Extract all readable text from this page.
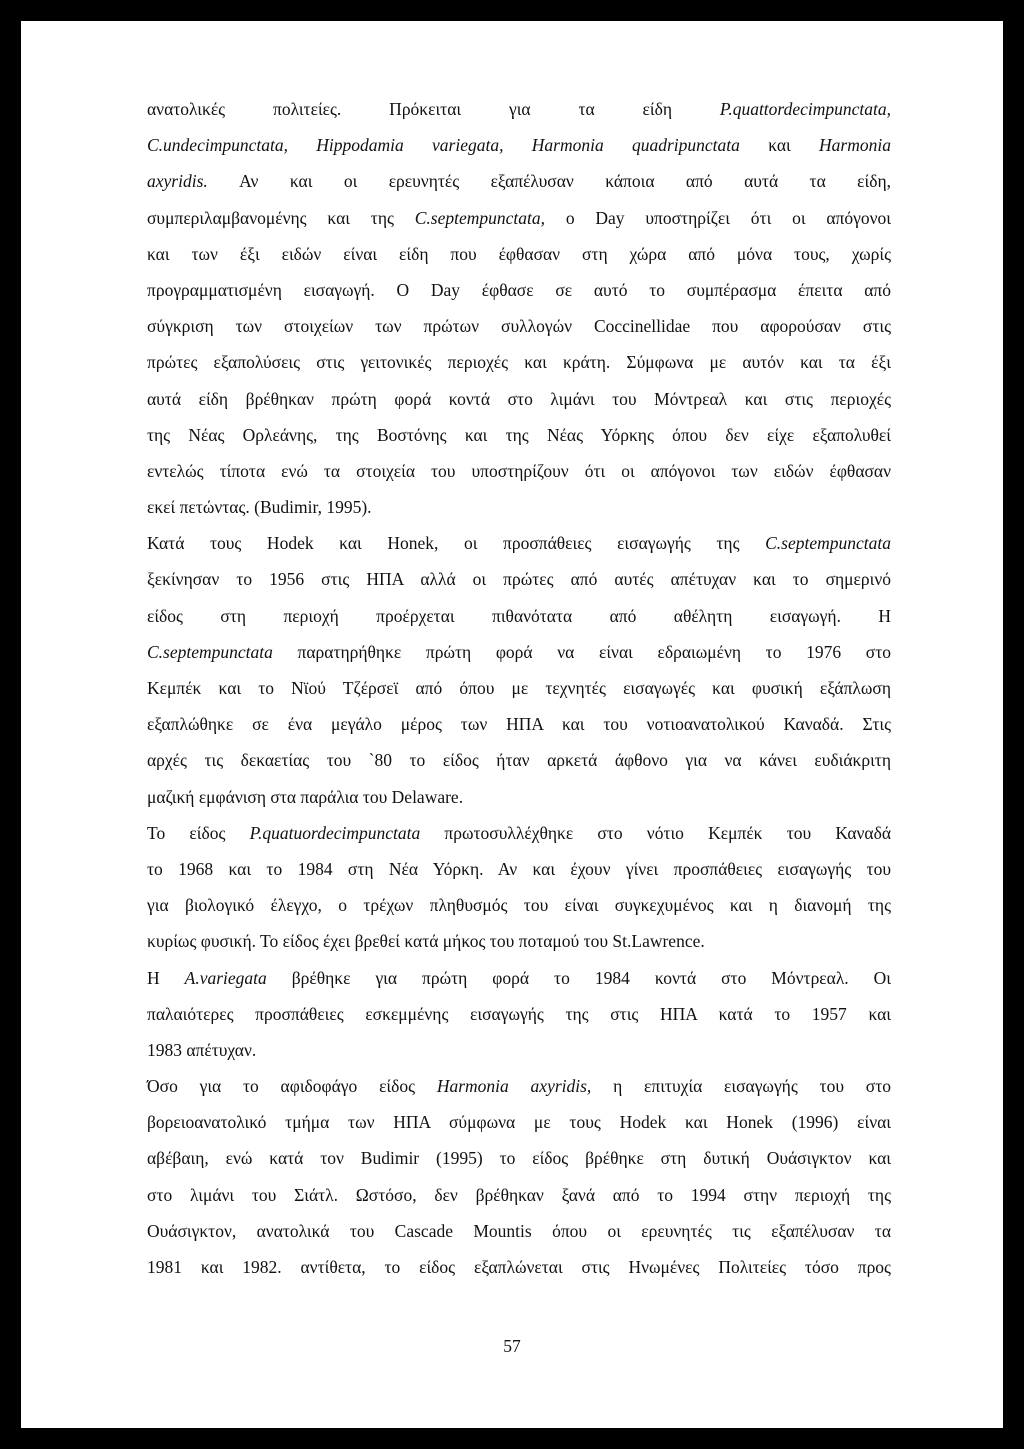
ανατολικές πολιτείες. Πρόκειται για τα είδη P.quattordecimpunctata,
C.undecimpunctata, Hippodamia variegata, Harmonia quadripunctata και Harmonia
axyridis. Αν και οι ερευνητές εξαπέλυσαν κάποια από αυτά τα είδη,
συμπεριλαμβανομένης και της C.septempunctata, ο Day υποστηρίζει ότι οι απόγονοι
και των έξι ειδών είναι είδη που έφθασαν στη χώρα από μόνα τους, χωρίς
προγραμματισμένη εισαγωγή. Ο Day έφθασε σε αυτό το συμπέρασμα έπειτα από
σύγκριση των στοιχείων των πρώτων συλλογών Coccinellidae που αφορούσαν στις
πρώτες εξαπολύσεις στις γειτονικές περιοχές και κράτη. Σύμφωνα με αυτόν και τα έξι
αυτά είδη βρέθηκαν πρώτη φορά κοντά στο λιμάνι του Μόντρεαλ και στις περιοχές
της Νέας Ορλεάνης, της Βοστόνης και της Νέας Υόρκης όπου δεν είχε εξαπολυθεί
εντελώς τίποτα ενώ τα στοιχεία του υποστηρίζουν ότι οι απόγονοι των ειδών έφθασαν
εκεί πετώντας. (Budimir, 1995).
Κατά τους Hodek και Honek, οι προσπάθειες εισαγωγής της C.septempunctata
ξεκίνησαν το 1956 στις ΗΠΑ αλλά οι πρώτες από αυτές απέτυχαν και το σημερινό
είδος στη περιοχή προέρχεται πιθανότατα από αθέλητη εισαγωγή. Η
C.septempunctata παρατηρήθηκε πρώτη φορά να είναι εδραιωμένη το 1976 στο
Κεμπέκ και το Νϊού Τζέρσεϊ από όπου με τεχνητές εισαγωγές και φυσική εξάπλωση
εξαπλώθηκε σε ένα μεγάλο μέρος των ΗΠΑ και του νοτιοανατολικού Καναδά. Στις
αρχές τις δεκαετίας του `80 το είδος ήταν αρκετά άφθονο για να κάνει ευδιάκριτη
μαζική εμφάνιση στα παράλια του Delaware.
Το είδος P.quatuordecimpunctata πρωτοσυλλέχθηκε στο νότιο Κεμπέκ του Καναδά
το 1968 και το 1984 στη Νέα Υόρκη. Αν και έχουν γίνει προσπάθειες εισαγωγής του
για βιολογικό έλεγχο, ο τρέχων πληθυσμός του είναι συγκεχυμένος και η διανομή της
κυρίως φυσική. Το είδος έχει βρεθεί κατά μήκος του ποταμού του St.Lawrence.
Η A.variegata βρέθηκε για πρώτη φορά το 1984 κοντά στο Μόντρεαλ. Οι
παλαιότερες προσπάθειες εσκεμμένης εισαγωγής της στις ΗΠΑ κατά το 1957 και
1983 απέτυχαν.
Όσο για το αφιδοφάγο είδος Harmonia axyridis, η επιτυχία εισαγωγής του στο
βορειοανατολικό τμήμα των ΗΠΑ σύμφωνα με τους Hodek και Honek (1996) είναι
αβέβαιη, ενώ κατά τον Budimir (1995) το είδος βρέθηκε στη δυτική Ουάσιγκτον και
στο λιμάνι του Σιάτλ. Ωστόσο, δεν βρέθηκαν ξανά από το 1994 στην περιοχή της
Ουάσιγκτον, ανατολικά του Cascade Mountis όπου οι ερευνητές τις εξαπέλυσαν τα
1981 και 1982. αντίθετα, το είδος εξαπλώνεται στις Ηνωμένες Πολιτείες τόσο προς
57
